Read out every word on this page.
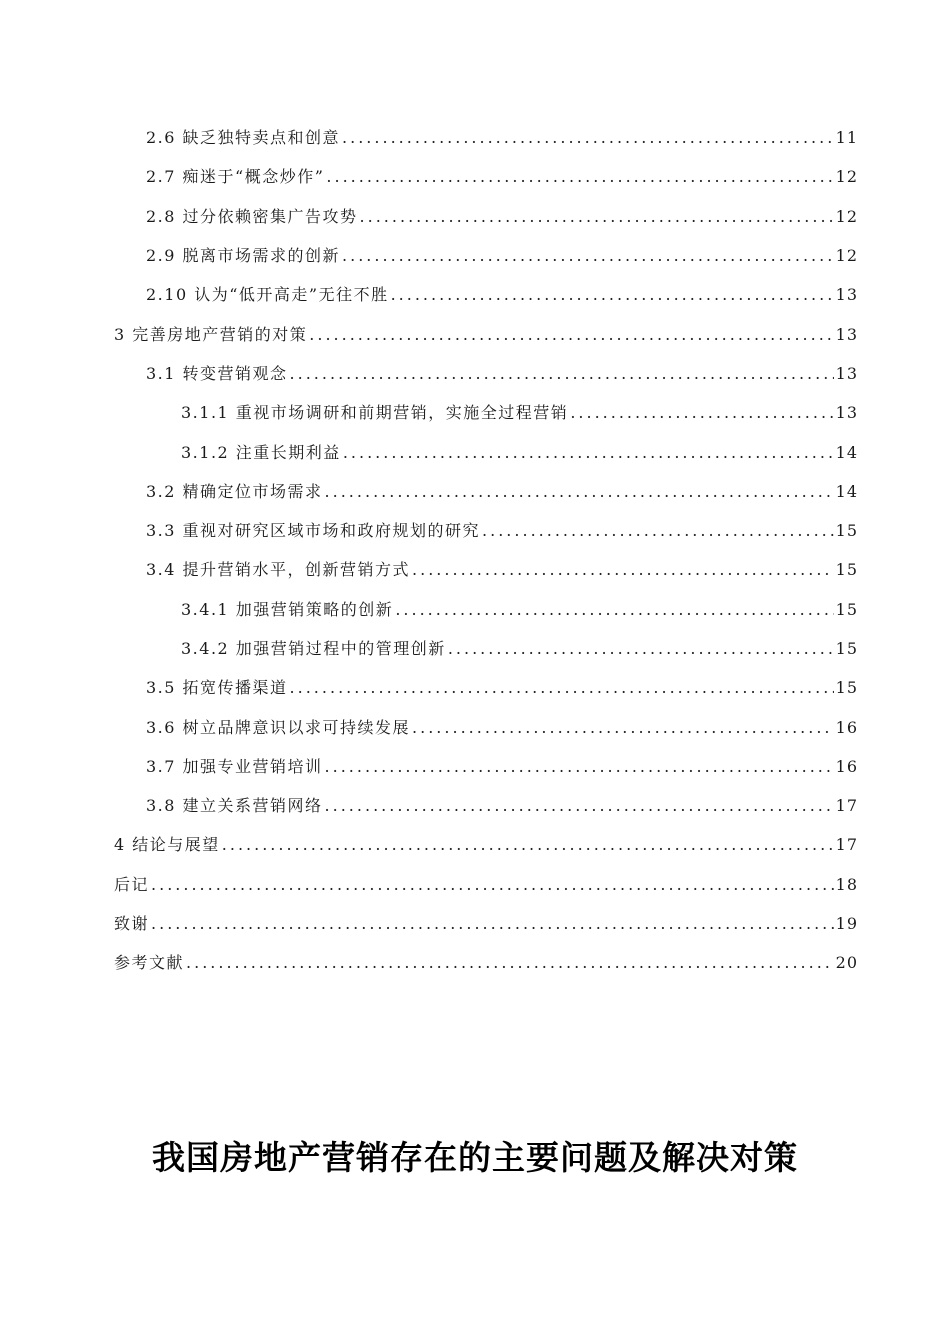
2.6 缺乏独特卖点和创意 .....	11
2.7 痴迷于“概念炒作” .....	12
2.8 过分依赖密集广告攻势 .....	12
2.9 脱离市场需求的创新 .....	12
2.10 认为“低开高走”无往不胜 .....	13
3 完善房地产营销的对策 .....	13
3.1 转变营销观念 .....	13
3.1.1 重视市场调研和前期营销，实施全过程营销 .....	13
3.1.2 注重长期利益 .....	14
3.2 精确定位市场需求 .....	14
3.3 重视对研究区域市场和政府规划的研究 .....	15
3.4 提升营销水平，创新营销方式 .....	15
3.4.1 加强营销策略的创新 .....	15
3.4.2 加强营销过程中的管理创新 .....	15
3.5 拓宽传播渠道 .....	15
3.6 树立品牌意识以求可持续发展 .....	16
3.7 加强专业营销培训 .....	16
3.8 建立关系营销网络 .....	17
4 结论与展望 .....	17
后记 .....	18
致谢 .....	19
参考文献 .....	20
我国房地产营销存在的主要问题及解决对策
